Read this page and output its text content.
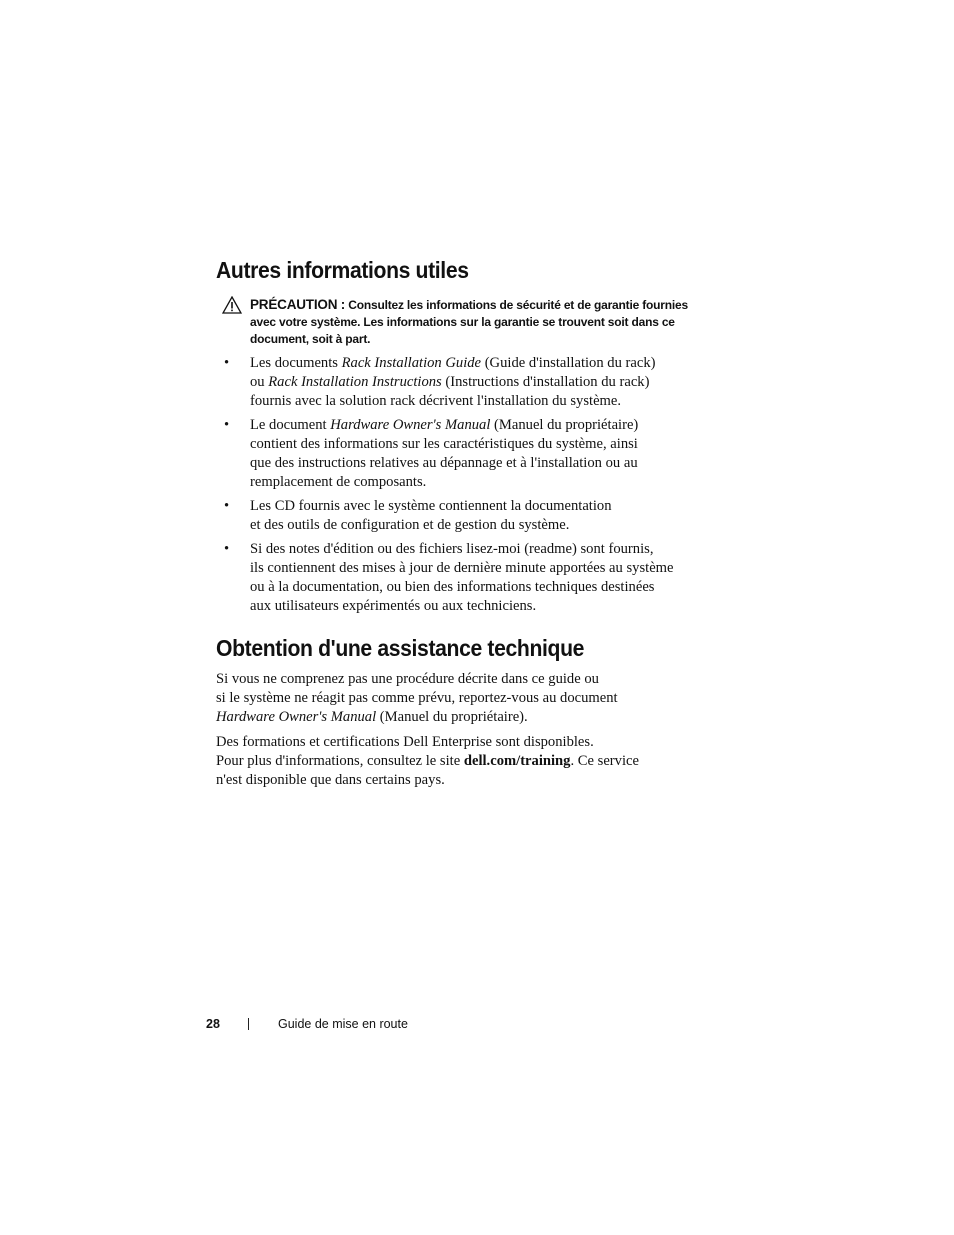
Autres informations utiles
PRÉCAUTION : Consultez les informations de sécurité et de garantie fournies
avec votre système. Les informations sur la garantie se trouvent soit dans ce
document, soit à part.
• Les documents Rack Installation Guide (Guide d'installation du rack)
ou Rack Installation Instructions (Instructions d'installation du rack)
fournis avec la solution rack décrivent l'installation du système.
• Le document Hardware Owner's Manual (Manuel du propriétaire)
contient des informations sur les caractéristiques du système, ainsi
que des instructions relatives au dépannage et à l'installation ou au
remplacement de composants.
• Les CD fournis avec le système contiennent la documentation
et des outils de configuration et de gestion du système.
• Si des notes d'édition ou des fichiers lisez-moi (readme) sont fournis,
ils contiennent des mises à jour de dernière minute apportées au système
ou à la documentation, ou bien des informations techniques destinées
aux utilisateurs expérimentés ou aux techniciens.
Obtention d'une assistance technique

Si vous ne comprenez pas une procédure décrite dans ce guide ou
si le système ne réagit pas comme prévu, reportez-vous au document
Hardware Owner's Manual (Manuel du propriétaire).

Des formations et certifications Dell Enterprise sont disponibles.
Pour plus d'informations, consultez le site dell.com/training. Ce service
n'est disponible que dans certains pays.

28	Guide de mise en route
